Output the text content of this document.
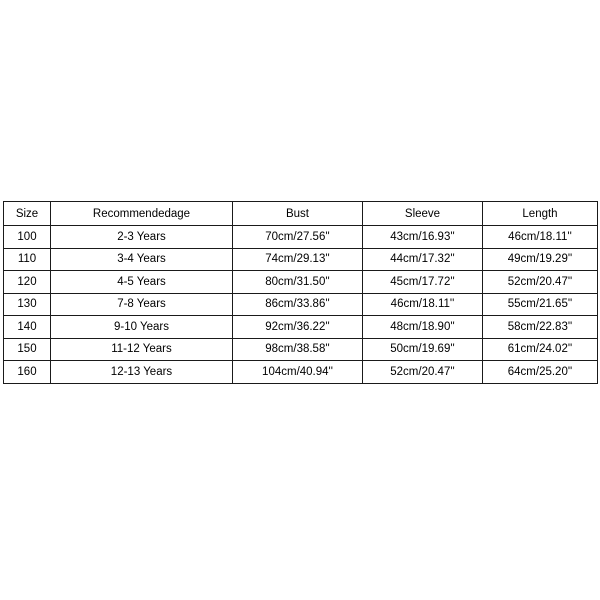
Size	Recommendedage	Bust	Sleeve	Length
100	2-3 Years	70cm/27.56''	43cm/16.93''	46cm/18.11''
110	3-4 Years	74cm/29.13''	44cm/17.32''	49cm/19.29''
120	4-5 Years	80cm/31.50''	45cm/17.72''	52cm/20.47''
130	7-8 Years	86cm/33.86''	46cm/18.11''	55cm/21.65''
140	9-10 Years	92cm/36.22''	48cm/18.90''	58cm/22.83''
150	11-12 Years	98cm/38.58''	50cm/19.69''	61cm/24.02''
160	12-13 Years	104cm/40.94''	52cm/20.47''	64cm/25.20''
